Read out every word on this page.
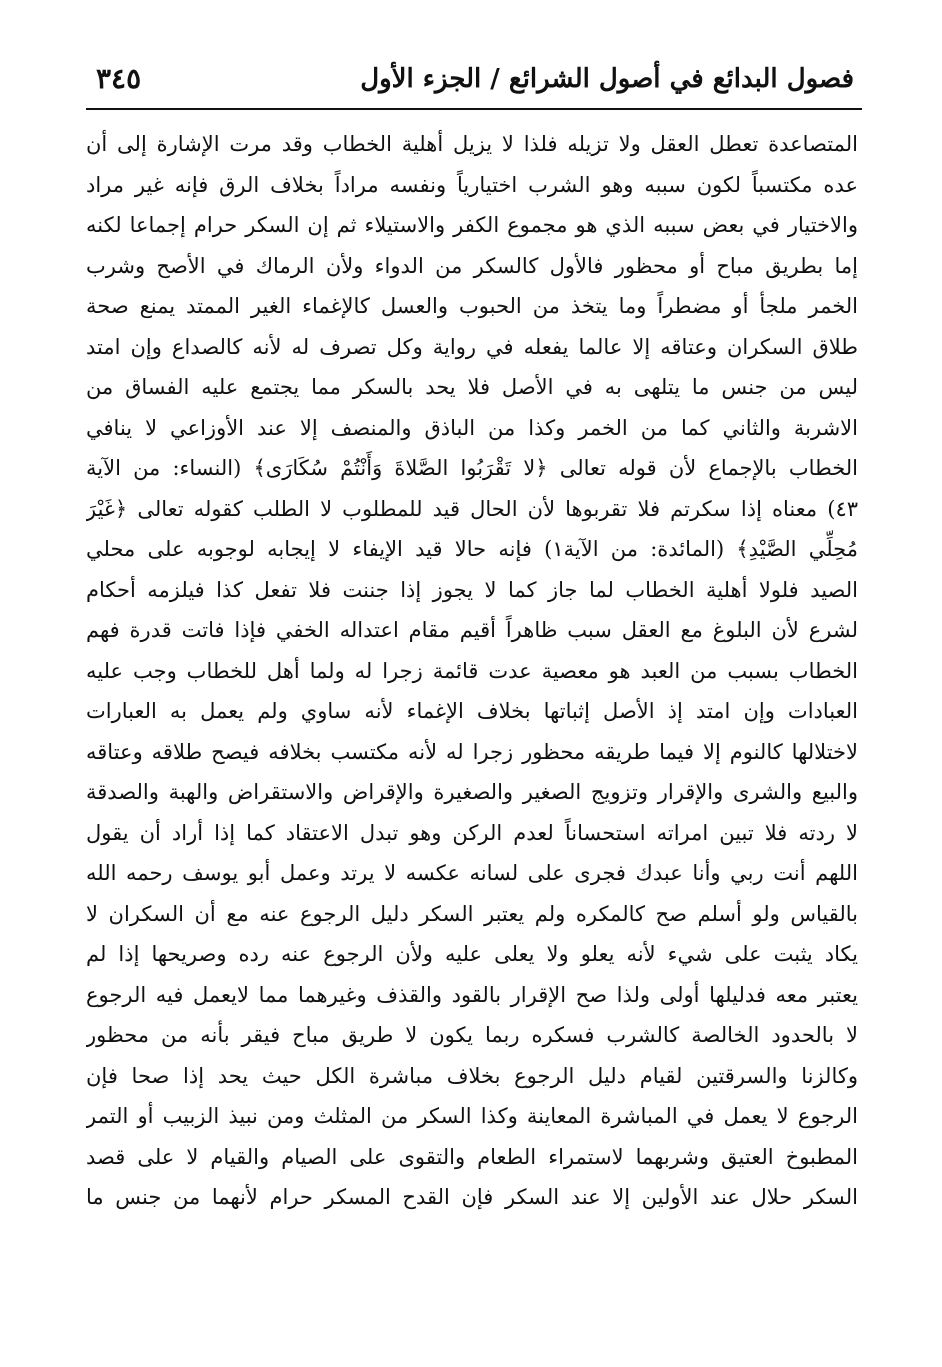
فصول البدائع في أصول الشرائع / الجزء الأول
٣٤٥
المتصاعدة تعطل العقل ولا تزيله فلذا لا يزيل أهلية الخطاب وقد مرت الإشارة إلى أن
عده مكتسباً لكون سببه وهو الشرب اختيارياً ونفسه مراداً بخلاف الرق فإنه غير مراد
والاختيار في بعض سببه الذي هو مجموع الكفر والاستيلاء ثم إن السكر حرام إجماعا لكنه
إما بطريق مباح أو محظور فالأول كالسكر من الدواء ولأن الرماك في الأصح وشرب
الخمر ملجأ أو مضطراً وما يتخذ من الحبوب والعسل كالإغماء الغير الممتد يمنع صحة
طلاق السكران وعتاقه إلا عالما يفعله في رواية وكل تصرف له لأنه كالصداع وإن امتد
ليس من جنس ما يتلهى به في الأصل فلا يحد بالسكر مما يجتمع عليه الفساق من
الاشربة والثاني كما من الخمر وكذا من الباذق والمنصف إلا عند الأوزاعي لا ينافي
الخطاب بالإجماع لأن قوله تعالى ﴿لا تَقْرَبُوا الصَّلاةَ وَأَنْتُمْ سُكَارَى﴾ (النساء: من الآية
٤٣) معناه إذا سكرتم فلا تقربوها لأن الحال قيد للمطلوب لا الطلب كقوله تعالى ﴿غَيْرَ
مُحِلِّي الصَّيْدِ﴾ (المائدة: من الآية١) فإنه حالا قيد الإيفاء لا إيجابه لوجوبه على محلي
الصيد فلولا أهلية الخطاب لما جاز كما لا يجوز إذا جننت فلا تفعل كذا فيلزمه أحكام
لشرع لأن البلوغ مع العقل سبب ظاهراً أقيم مقام اعتداله الخفي فإذا فاتت قدرة فهم
الخطاب بسبب من العبد هو معصية عدت قائمة زجرا له ولما أهل للخطاب وجب عليه
العبادات وإن امتد إذ الأصل إثباتها بخلاف الإغماء لأنه ساوي ولم يعمل به العبارات
لاختلالها كالنوم إلا فيما طريقه محظور زجرا له لأنه مكتسب بخلافه فيصح طلاقه وعتاقه
والبيع والشرى والإقرار وتزويج الصغير والصغيرة والإقراض والاستقراض والهبة والصدقة
لا ردته فلا تبين امراته استحساناً لعدم الركن وهو تبدل الاعتقاد كما إذا أراد أن يقول
اللهم أنت ربي وأنا عبدك فجرى على لسانه عكسه لا يرتد وعمل أبو يوسف رحمه الله
بالقياس ولو أسلم صح كالمكره ولم يعتبر السكر دليل الرجوع عنه مع أن السكران لا
يكاد يثبت على شيء لأنه يعلو ولا يعلى عليه ولأن الرجوع عنه رده وصريحها إذا لم
يعتبر معه فدليلها أولى ولذا صح الإقرار بالقود والقذف وغيرهما مما لايعمل فيه الرجوع
لا بالحدود الخالصة كالشرب فسكره ربما يكون لا طريق مباح فيقر بأنه من محظور
وكالزنا والسرقتين لقيام دليل الرجوع بخلاف مباشرة الكل حيث يحد إذا صحا فإن
الرجوع لا يعمل في المباشرة المعاينة وكذا السكر من المثلث ومن نبيذ الزبيب أو التمر
المطبوخ العتيق وشربهما لاستمراء الطعام والتقوى على الصيام والقيام لا على قصد
السكر حلال عند الأولين إلا عند السكر فإن القدح المسكر حرام لأنهما من جنس ما
